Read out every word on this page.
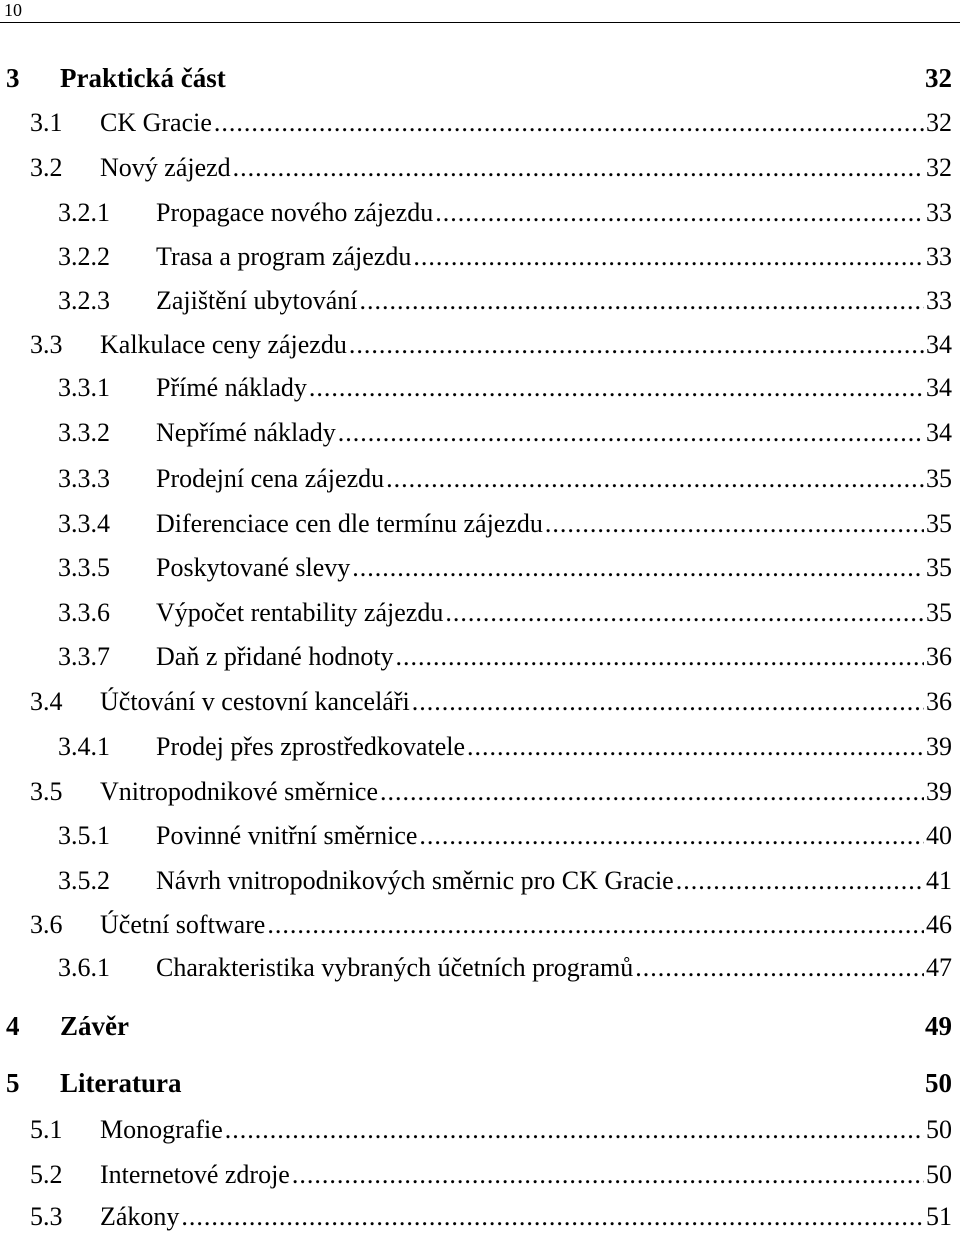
10
3	Praktická část	32
3.1	CK Gracie .....	32
3.2	Nový zájezd .....	32
3.2.1	Propagace nového zájezdu .....	33
3.2.2	Trasa a program zájezdu .....	33
3.2.3	Zajištění ubytování .....	33
3.3	Kalkulace ceny zájezdu .....	34
3.3.1	Přímé náklady .....	34
3.3.2	Nepřímé náklady .....	34
3.3.3	Prodejní cena zájezdu .....	35
3.3.4	Diferenciace cen dle termínu zájezdu .....	35
3.3.5	Poskytované slevy .....	35
3.3.6	Výpočet rentability zájezdu .....	35
3.3.7	Daň z přidané hodnoty .....	36
3.4	Účtování v cestovní kanceláři .....	36
3.4.1	Prodej přes zprostředkovatele .....	39
3.5	Vnitropodnikové směrnice .....	39
3.5.1	Povinné vnitřní směrnice .....	40
3.5.2	Návrh vnitropodnikových směrnic pro CK Gracie .....	41
3.6	Účetní software .....	46
3.6.1	Charakteristika vybraných účetních programů .....	47
4	Závěr	49
5	Literatura	50
5.1	Monografie .....	50
5.2	Internetové zdroje .....	50
5.3	Zákony .....	51
